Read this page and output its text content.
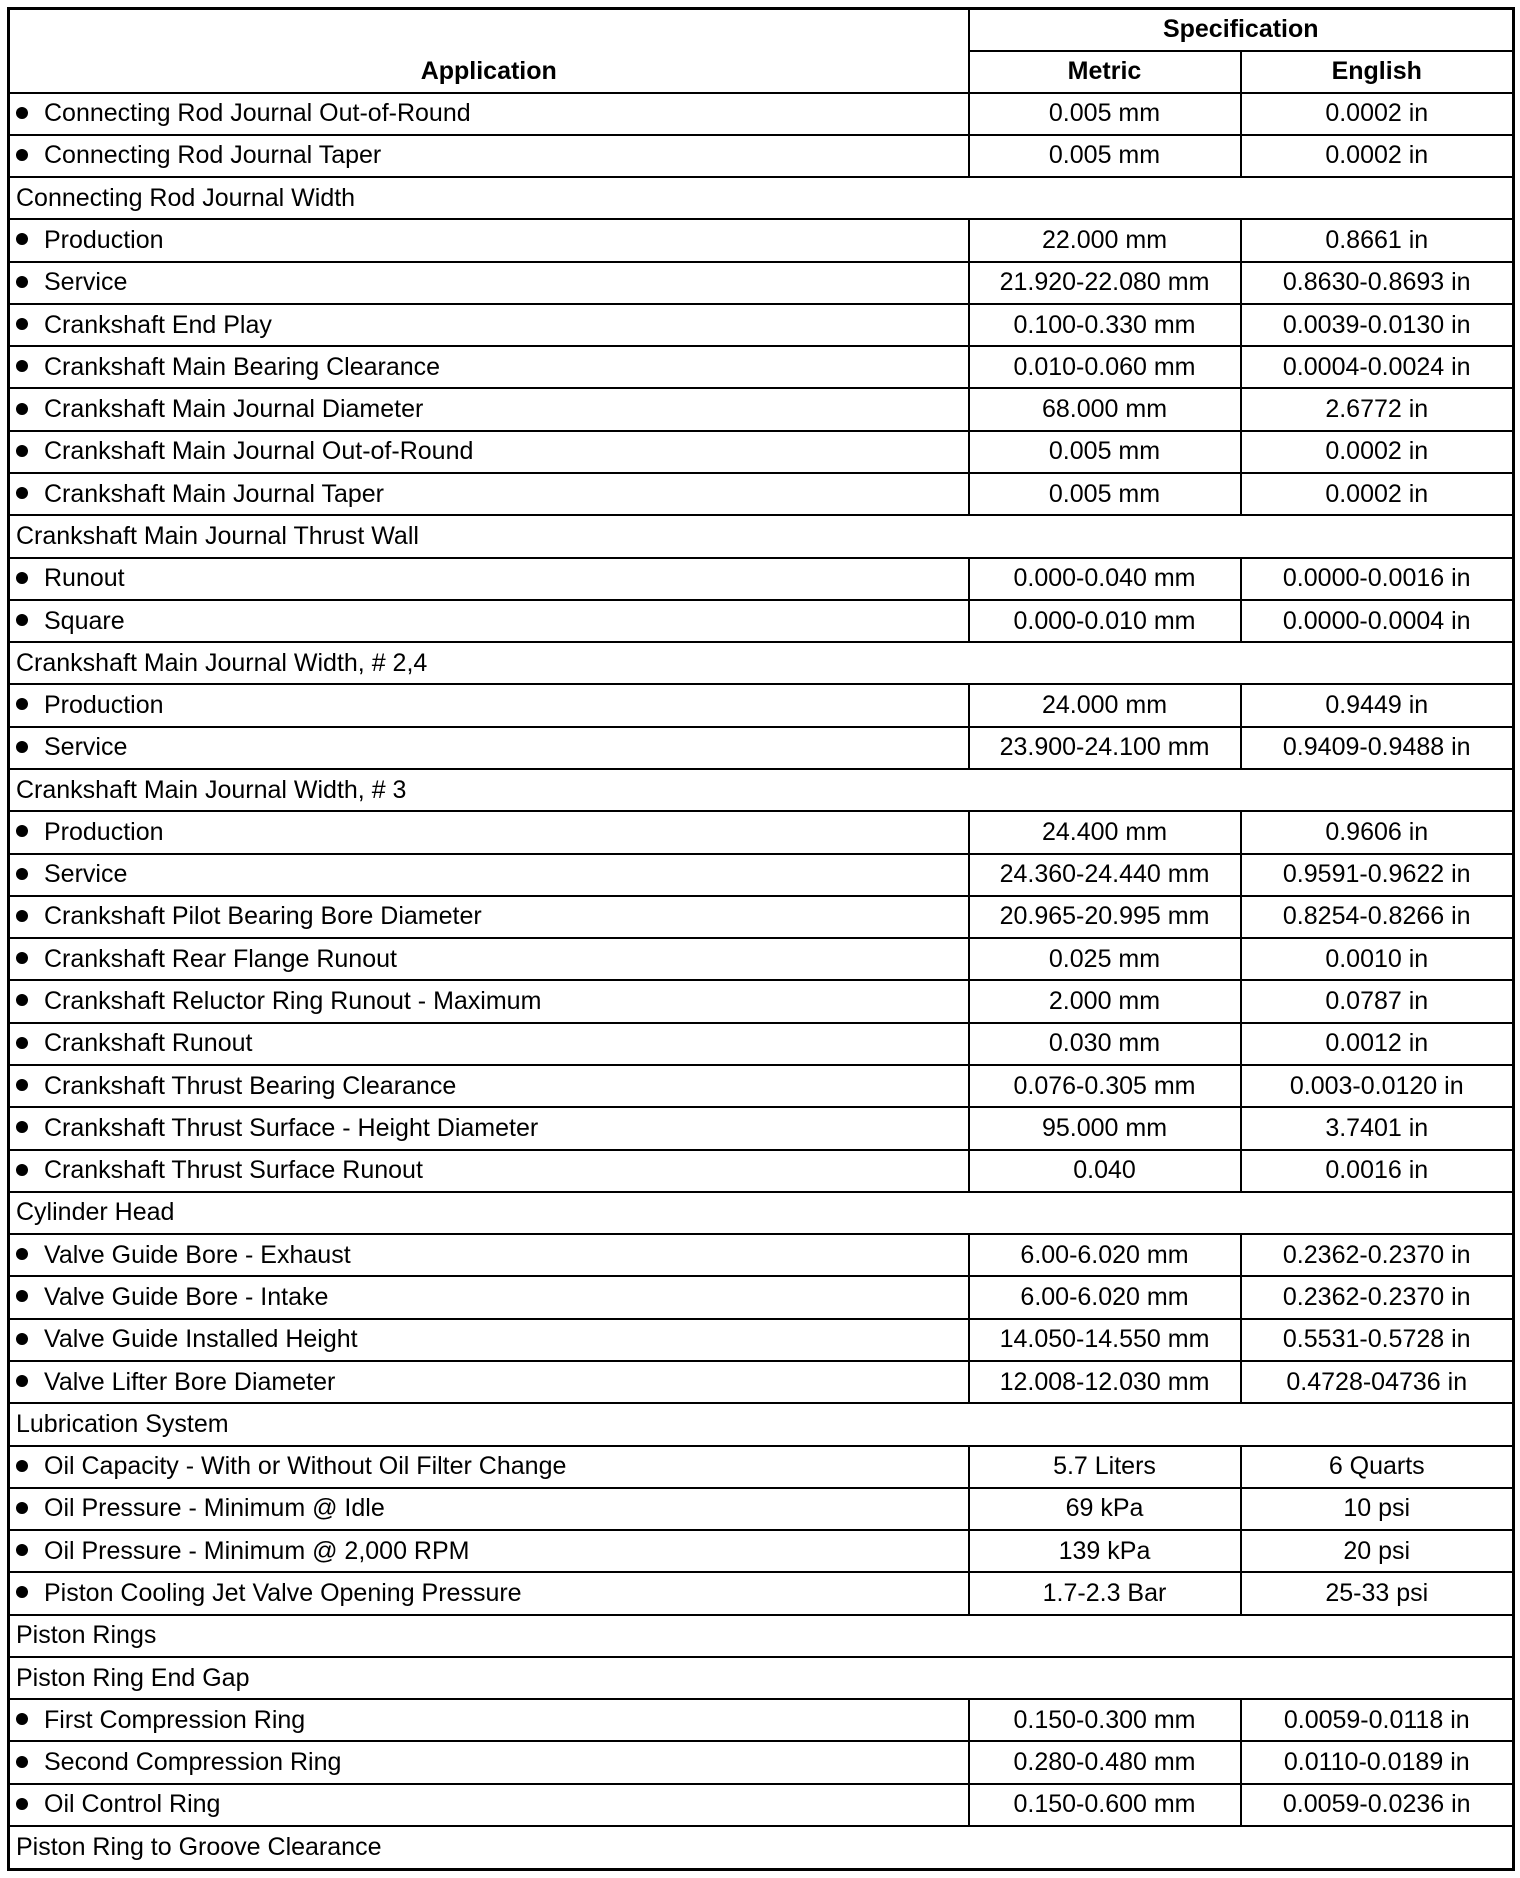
Application	Specification	
	Metric	English
Connecting Rod Journal Out-of-Round	0.005 mm	0.0002 in
Connecting Rod Journal Taper	0.005 mm	0.0002 in
Connecting Rod Journal Width		
Production	22.000 mm	0.8661 in
Service	21.920-22.080 mm	0.8630-0.8693 in
Crankshaft End Play	0.100-0.330 mm	0.0039-0.0130 in
Crankshaft Main Bearing Clearance	0.010-0.060 mm	0.0004-0.0024 in
Crankshaft Main Journal Diameter	68.000 mm	2.6772 in
Crankshaft Main Journal Out-of-Round	0.005 mm	0.0002 in
Crankshaft Main Journal Taper	0.005 mm	0.0002 in
Crankshaft Main Journal Thrust Wall		
Runout	0.000-0.040 mm	0.0000-0.0016 in
Square	0.000-0.010 mm	0.0000-0.0004 in
Crankshaft Main Journal Width, # 2,4		
Production	24.000 mm	0.9449 in
Service	23.900-24.100 mm	0.9409-0.9488 in
Crankshaft Main Journal Width, # 3		
Production	24.400 mm	0.9606 in
Service	24.360-24.440 mm	0.9591-0.9622 in
Crankshaft Pilot Bearing Bore Diameter	20.965-20.995 mm	0.8254-0.8266 in
Crankshaft Rear Flange Runout	0.025 mm	0.0010 in
Crankshaft Reluctor Ring Runout - Maximum	2.000 mm	0.0787 in
Crankshaft Runout	0.030 mm	0.0012 in
Crankshaft Thrust Bearing Clearance	0.076-0.305 mm	0.003-0.0120 in
Crankshaft Thrust Surface - Height Diameter	95.000 mm	3.7401 in
Crankshaft Thrust Surface Runout	0.040	0.0016 in
Cylinder Head		
Valve Guide Bore - Exhaust	6.00-6.020 mm	0.2362-0.2370 in
Valve Guide Bore - Intake	6.00-6.020 mm	0.2362-0.2370 in
Valve Guide Installed Height	14.050-14.550 mm	0.5531-0.5728 in
Valve Lifter Bore Diameter	12.008-12.030 mm	0.4728-04736 in
Lubrication System		
Oil Capacity - With or Without Oil Filter Change	5.7 Liters	6 Quarts
Oil Pressure - Minimum @ Idle	69 kPa	10 psi
Oil Pressure - Minimum @ 2,000 RPM	139 kPa	20 psi
Piston Cooling Jet Valve Opening Pressure	1.7-2.3 Bar	25-33 psi
Piston Rings		
Piston Ring End Gap		
First Compression Ring	0.150-0.300 mm	0.0059-0.0118 in
Second Compression Ring	0.280-0.480 mm	0.0110-0.0189 in
Oil Control Ring	0.150-0.600 mm	0.0059-0.0236 in
Piston Ring to Groove Clearance		
